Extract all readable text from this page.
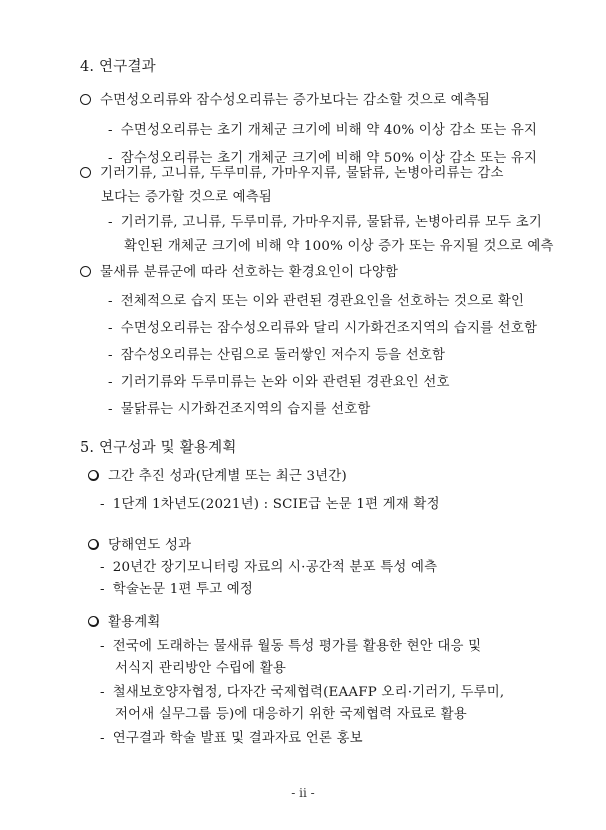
4. 연구결과
수면성오리류와 잠수성오리류는 증가보다는 감소할 것으로 예측됨
- 수면성오리류는 초기 개체군 크기에 비해 약 40% 이상 감소 또는 유지
- 잠수성오리류는 초기 개체군 크기에 비해 약 50% 이상 감소 또는 유지
기러기류, 고니류, 두루미류, 가마우지류, 물닭류, 논병아리류는 감소
보다는 증가할 것으로 예측됨
- 기러기류, 고니류, 두루미류, 가마우지류, 물닭류, 논병아리류 모두 초기
확인된 개체군 크기에 비해 약 100% 이상 증가 또는 유지될 것으로 예측
물새류 분류군에 따라 선호하는 환경요인이 다양함
- 전체적으로 습지 또는 이와 관련된 경관요인을 선호하는 것으로 확인
- 수면성오리류는 잠수성오리류와 달리 시가화건조지역의 습지를 선호함
- 잠수성오리류는 산림으로 둘러쌓인 저수지 등을 선호함
- 기러기류와 두루미류는 논와 이와 관련된 경관요인 선호
- 물닭류는 시가화건조지역의 습지를 선호함
5. 연구성과 및 활용계획
그간 추진 성과(단계별 또는 최근 3년간)
- 1단계 1차년도(2021년) : SCIE급 논문 1편 게재 확정
당해연도 성과
- 20년간 장기모니터링 자료의 시·공간적 분포 특성 예측
- 학술논문 1편 투고 예정
활용계획
- 전국에 도래하는 물새류 월동 특성 평가를 활용한 현안 대응 및
서식지 관리방안 수립에 활용
- 철새보호양자협정, 다자간 국제협력(EAAFP 오리·기러기, 두루미,
저어새 실무그룹 등)에 대응하기 위한 국제협력 자료로 활용
- 연구결과 학술 발표 및 결과자료 언론 홍보
- ii -
